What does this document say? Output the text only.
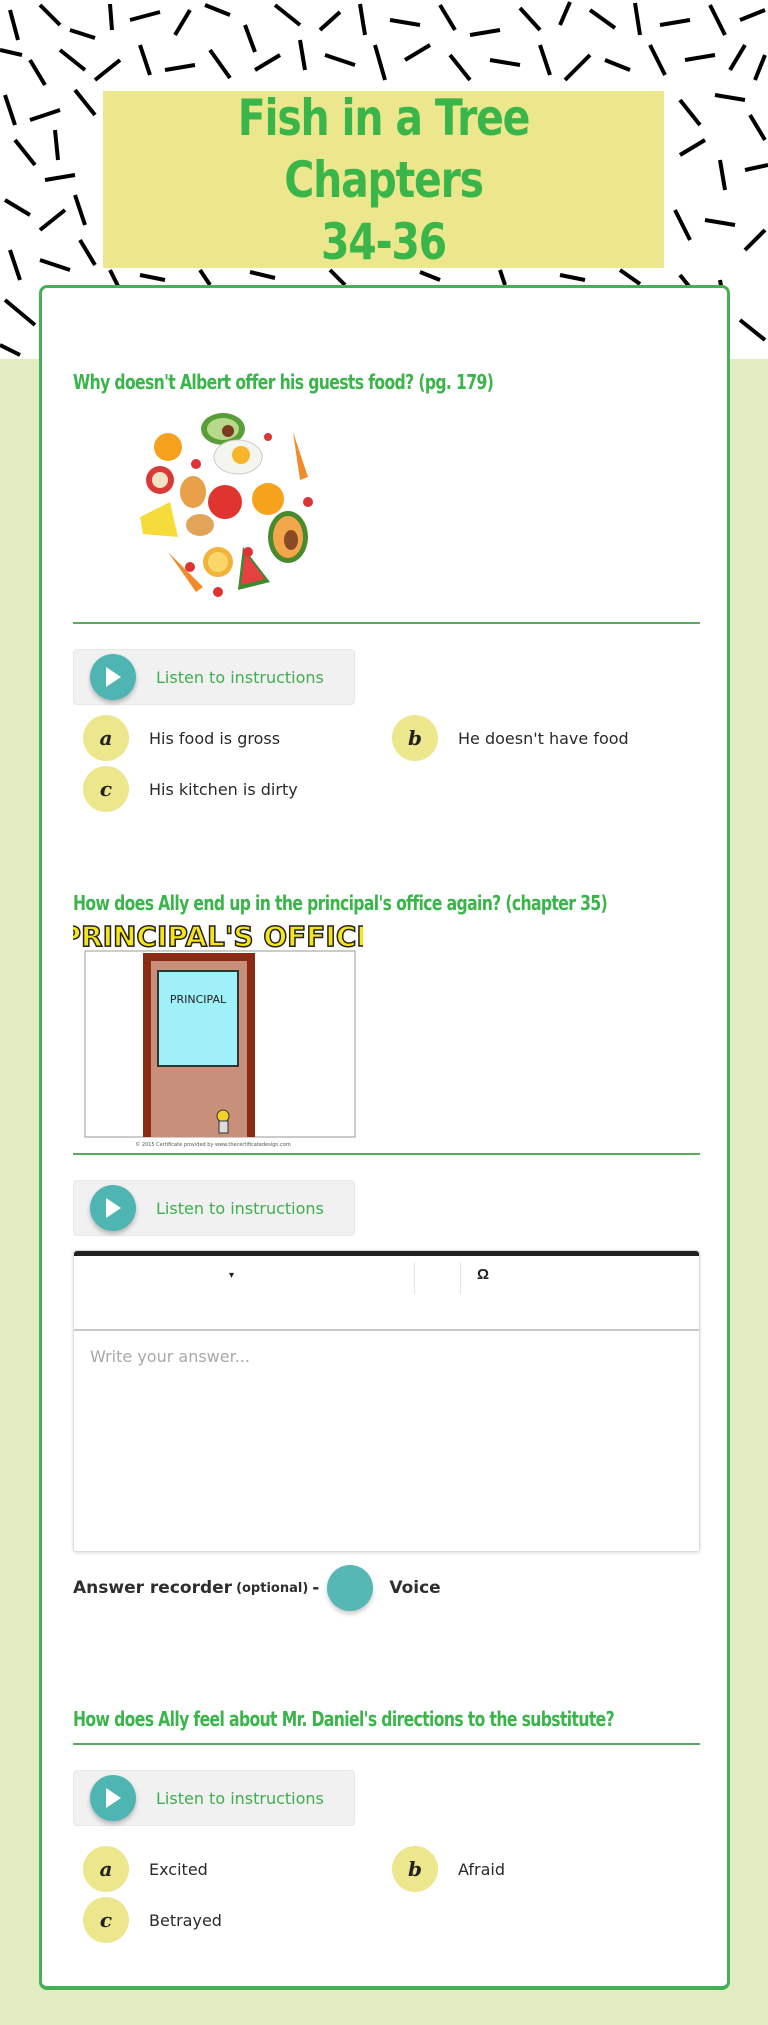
Fish in a Tree Chapters
34-36
Why doesn't Albert offer his guests food? (pg. 179)
Listen to instructions
a	His food is gross	b	He doesn't have food
c	His kitchen is dirty
How does Ally end up in the principal's office again? (chapter 35)
PRINCIPAL
PRINCIPAL'S OFFICE
© 2015 Certificate provided by www.thecertificatedesign.com
Listen to instructions
▾	Ω
Write your answer...
Answer recorder (optional) -	Voice
How does Ally feel about Mr. Daniel's directions to the substitute?
Listen to instructions
a	Excited	b	Afraid
c	Betrayed
